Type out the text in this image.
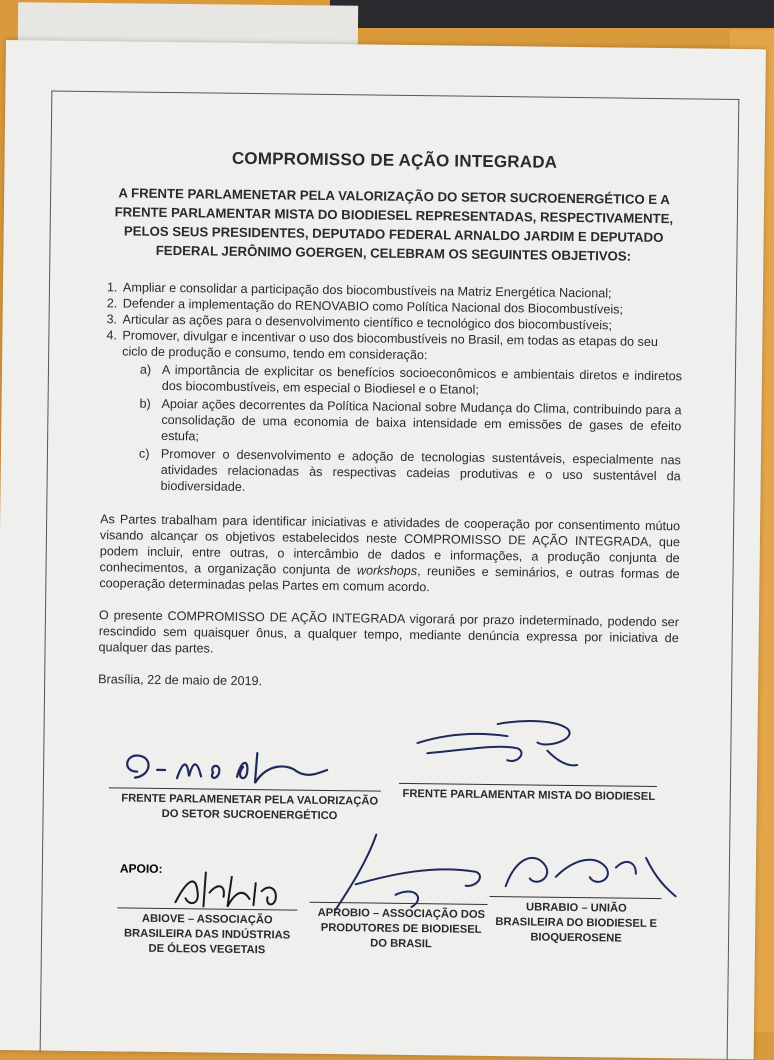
COMPROMISSO DE AÇÃO INTEGRADA
A FRENTE PARLAMENETAR PELA VALORIZAÇÃO DO SETOR SUCROENERGÉTICO E A FRENTE PARLAMENTAR MISTA DO BIODIESEL REPRESENTADAS, RESPECTIVAMENTE, PELOS SEUS PRESIDENTES, DEPUTADO FEDERAL ARNALDO JARDIM E DEPUTADO FEDERAL JERÔNIMO GOERGEN, CELEBRAM OS SEGUINTES OBJETIVOS:
1. Ampliar e consolidar a participação dos biocombustíveis na Matriz Energética Nacional;
2. Defender a implementação do RENOVABIO como Política Nacional dos Biocombustíveis;
3. Articular as ações para o desenvolvimento científico e tecnológico dos biocombustíveis;
4. Promover, divulgar e incentivar o uso dos biocombustíveis no Brasil, em todas as etapas do seu ciclo de produção e consumo, tendo em consideração:
a) A importância de explicitar os benefícios socioeconômicos e ambientais diretos e indiretos dos biocombustíveis, em especial o Biodiesel e o Etanol;
b) Apoiar ações decorrentes da Política Nacional sobre Mudança do Clima, contribuindo para a consolidação de uma economia de baixa intensidade em emissões de gases de efeito estufa;
c) Promover o desenvolvimento e adoção de tecnologias sustentáveis, especialmente nas atividades relacionadas às respectivas cadeias produtivas e o uso sustentável da biodiversidade.

As Partes trabalham para identificar iniciativas e atividades de cooperação por consentimento mútuo visando alcançar os objetivos estabelecidos neste COMPROMISSO DE AÇÃO INTEGRADA, que podem incluir, entre outras, o intercâmbio de dados e informações, a produção conjunta de conhecimentos, a organização conjunta de workshops, reuniões e seminários, e outras formas de cooperação determinadas pelas Partes em comum acordo.

O presente COMPROMISSO DE AÇÃO INTEGRADA vigorará por prazo indeterminado, podendo ser rescindido sem quaisquer ônus, a qualquer tempo, mediante denúncia expressa por iniciativa de qualquer das partes.

Brasília, 22 de maio de 2019.
FRENTE PARLAMENETAR PELA VALORIZAÇÃO DO SETOR SUCROENERGÉTICO
FRENTE PARLAMENTAR MISTA DO BIODIESEL
APOIO:
ABIOVE – ASSOCIAÇÃO BRASILEIRA DAS INDÚSTRIAS DE ÓLEOS VEGETAIS
APROBIO – ASSOCIAÇÃO DOS PRODUTORES DE BIODIESEL DO BRASIL
UBRABIO – UNIÃO BRASILEIRA DO BIODIESEL E BIOQUEROSENE
